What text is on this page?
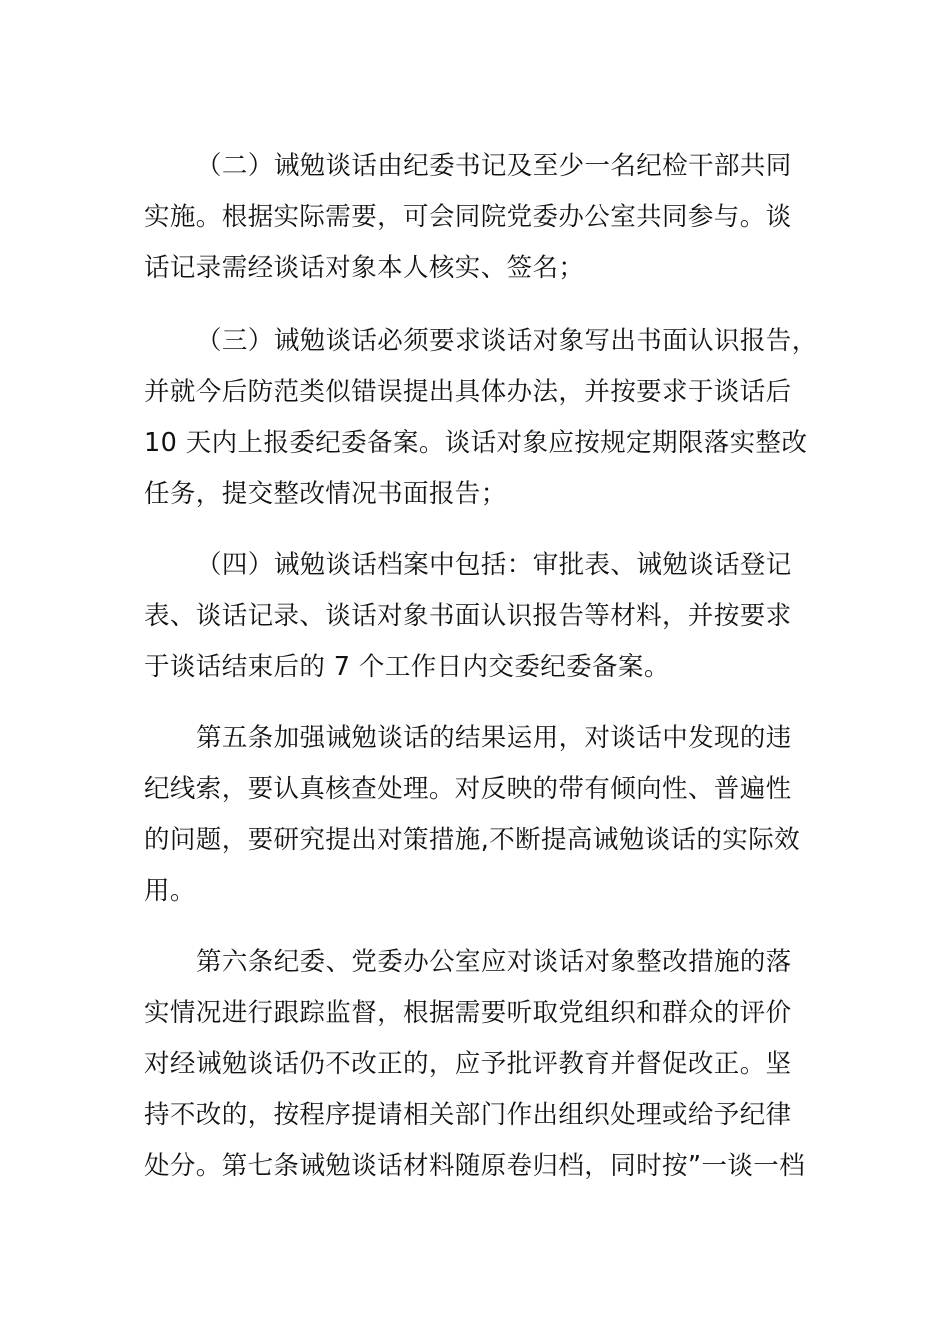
（二）诫勉谈话由纪委书记及至少一名纪检干部共同
实施。根据实际需要，可会同院党委办公室共同参与。谈
话记录需经谈话对象本人核实、签名；
（三）诫勉谈话必须要求谈话对象写出书面认识报告，
并就今后防范类似错误提出具体办法，并按要求于谈话后
10 天内上报委纪委备案。谈话对象应按规定期限落实整改
任务，提交整改情况书面报告；
（四）诫勉谈话档案中包括：审批表、诫勉谈话登记
表、谈话记录、谈话对象书面认识报告等材料，并按要求
于谈话结束后的 7 个工作日内交委纪委备案。
第五条加强诫勉谈话的结果运用，对谈话中发现的违
纪线索，要认真核查处理。对反映的带有倾向性、普遍性
的问题，要研究提出对策措施,不断提高诫勉谈话的实际效
用。
第六条纪委、党委办公室应对谈话对象整改措施的落
实情况进行跟踪监督，根据需要听取党组织和群众的评价
对经诫勉谈话仍不改正的，应予批评教育并督促改正。坚
持不改的，按程序提请相关部门作出组织处理或给予纪律
处分。第七条诫勉谈话材料随原卷归档，同时按”一谈一档
